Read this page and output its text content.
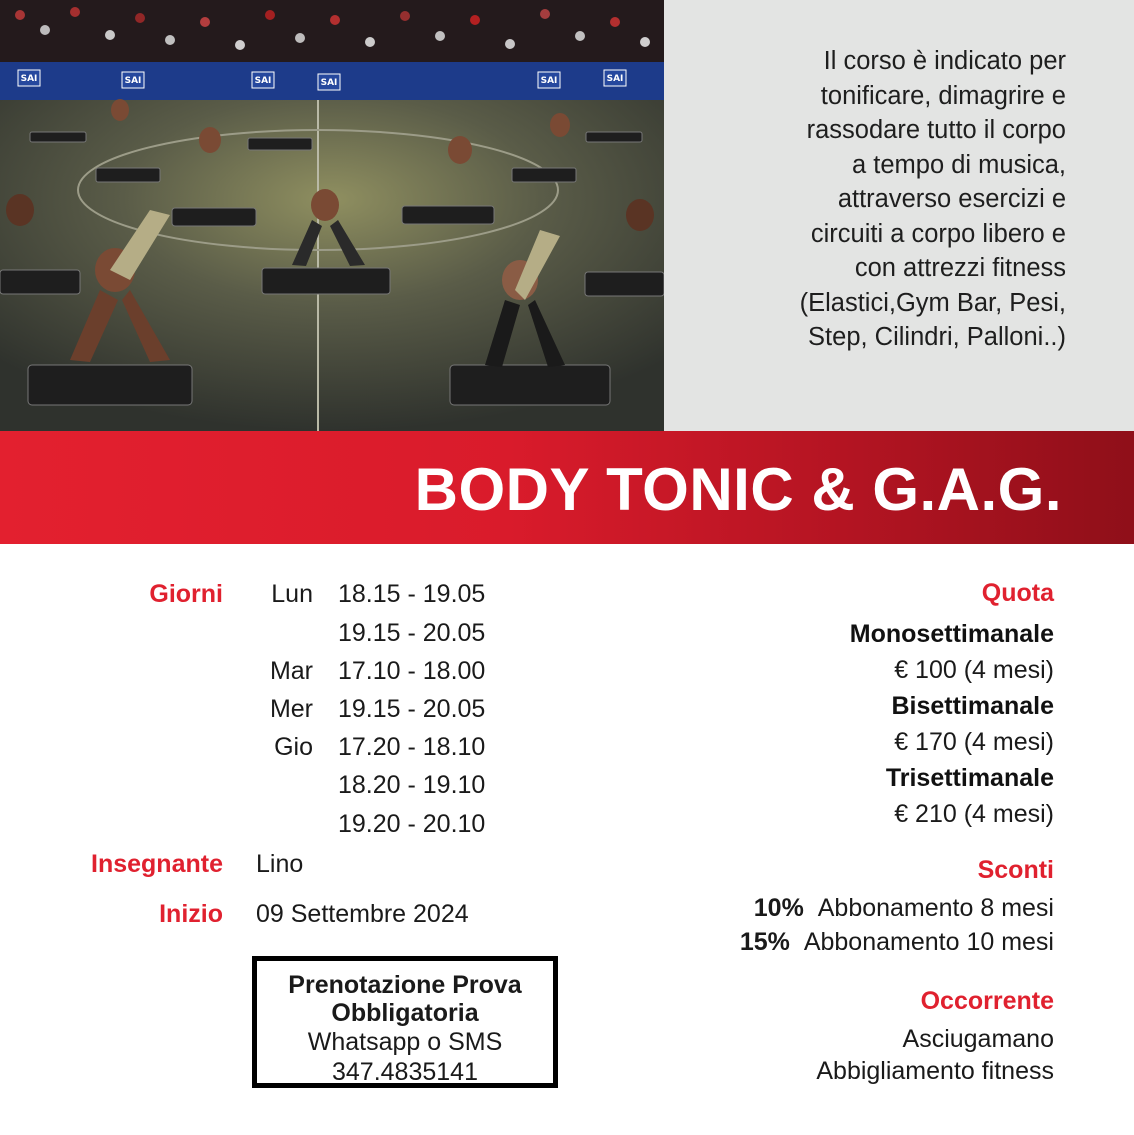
SAI	SAI	SAI	SAI	SAI	SAI

Il corso è indicato per
tonificare, dimagrire e
rassodare tutto il corpo
a tempo di musica,
attraverso esercizi e
circuiti a corpo libero e
con attrezzi fitness
(Elastici,Gym Bar, Pesi,
Step, Cilindri, Palloni..)

BODY TONIC & G.A.G.
Giorni Lun 18.15 - 19.05
19.15 - 20.05
Mar 17.10 - 18.00
Mer 19.15 - 20.05
Gio 17.20 - 18.10
18.20 - 19.10
19.20 - 20.10
Insegnante Lino
Inizio 09 Settembre 2024
Prenotazione Prova
Obbligatoria
Whatsapp o SMS
347.4835141
Quota
Monosettimanale
€ 100 (4 mesi)
Bisettimanale
€ 170 (4 mesi)
Trisettimanale
€ 210 (4 mesi)
Sconti
10% Abbonamento 8 mesi
15% Abbonamento 10 mesi
Occorrente
Asciugamano
Abbigliamento fitness
